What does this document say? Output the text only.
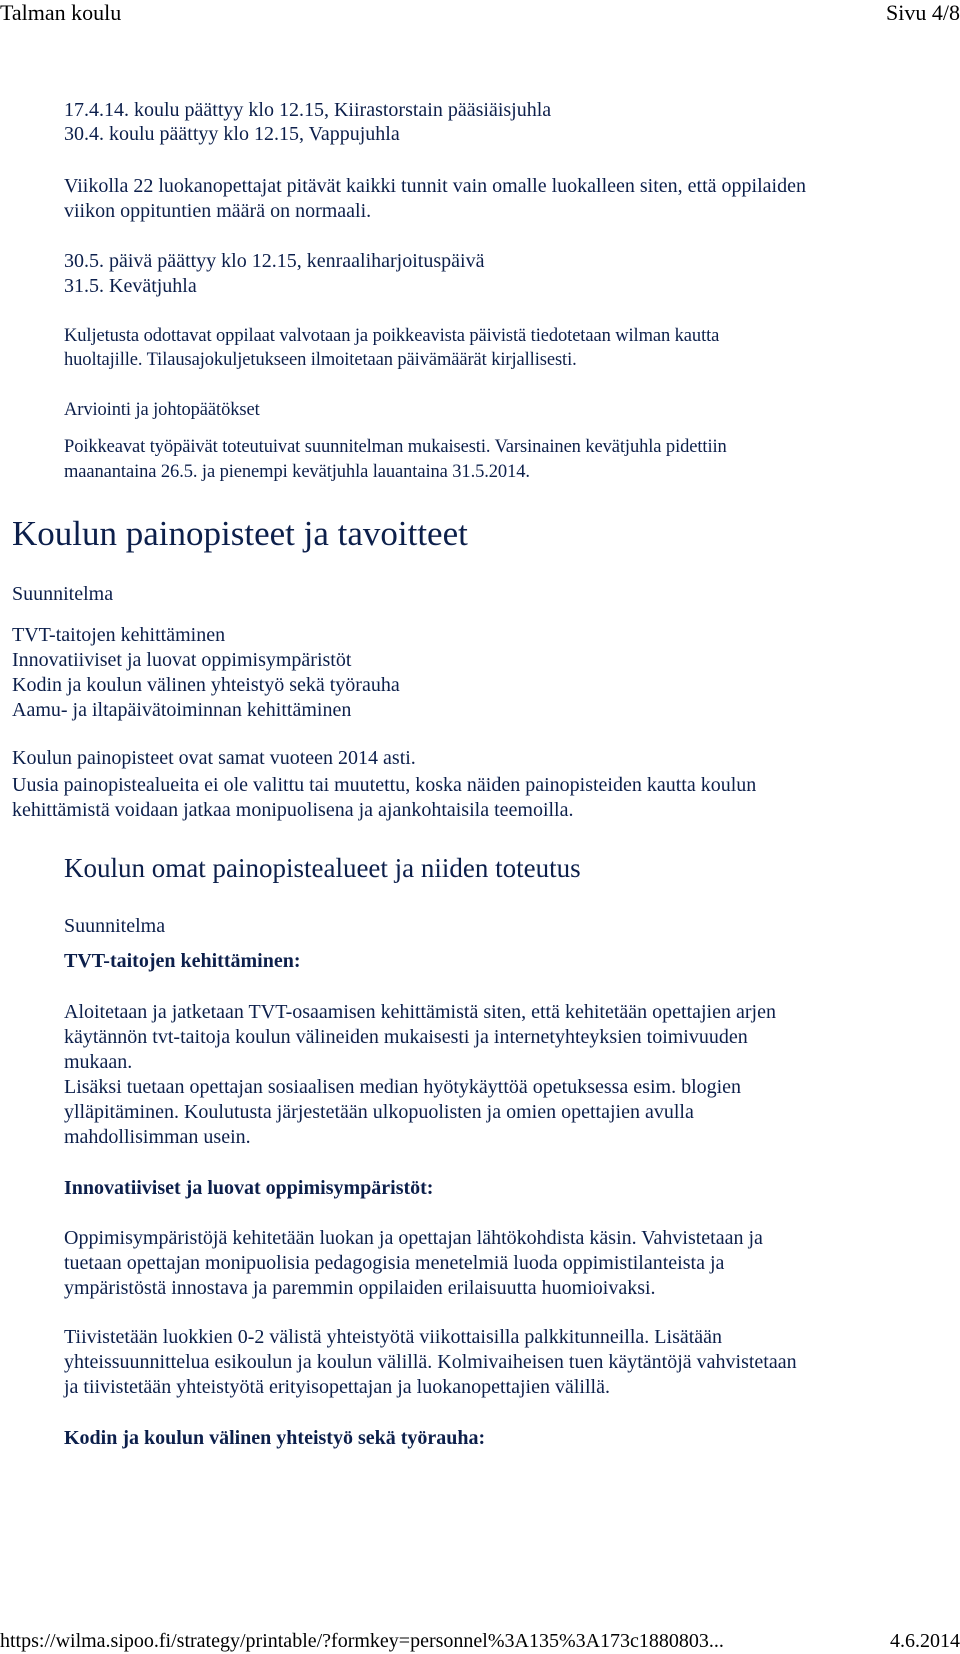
Talman koulu	Sivu 4/8
17.4.14. koulu päättyy klo 12.15, Kiirastorstain pääsiäisjuhla
30.4. koulu päättyy klo 12.15, Vappujuhla
Viikolla 22 luokanopettajat pitävät kaikki tunnit vain omalle luokalleen siten, että oppilaiden
viikon oppituntien määrä on normaali.
30.5. päivä päättyy klo 12.15, kenraaliharjoituspäivä
31.5. Kevätjuhla
Kuljetusta odottavat oppilaat valvotaan ja poikkeavista päivistä tiedotetaan wilman kautta
huoltajille. Tilausajokuljetukseen ilmoitetaan päivämäärät kirjallisesti.
Arviointi ja johtopäätökset
Poikkeavat työpäivät toteutuivat suunnitelman mukaisesti. Varsinainen kevätjuhla pidettiin
maanantaina 26.5. ja pienempi kevätjuhla lauantaina 31.5.2014.
Koulun painopisteet ja tavoitteet
Suunnitelma
TVT-taitojen kehittäminen
Innovatiiviset ja luovat oppimisympäristöt
Kodin ja koulun välinen yhteistyö sekä työrauha
Aamu- ja iltapäivätoiminnan kehittäminen
Koulun painopisteet ovat samat vuoteen 2014 asti.
Uusia painopistealueita ei ole valittu tai muutettu, koska näiden painopisteiden kautta koulun
kehittämistä voidaan jatkaa monipuolisena ja ajankohtaisila teemoilla.
Koulun omat painopistealueet ja niiden toteutus
Suunnitelma
TVT-taitojen kehittäminen:
Aloitetaan ja jatketaan TVT-osaamisen kehittämistä siten, että kehitetään opettajien arjen
käytännön tvt-taitoja koulun välineiden mukaisesti ja internetyhteyksien toimivuuden
mukaan.
Lisäksi tuetaan opettajan sosiaalisen median hyötykäyttöä opetuksessa esim. blogien
ylläpitäminen. Koulutusta järjestetään ulkopuolisten ja omien opettajien avulla
mahdollisimman usein.
Innovatiiviset ja luovat oppimisympäristöt:
Oppimisympäristöjä kehitetään luokan ja opettajan lähtökohdista käsin. Vahvistetaan ja
tuetaan opettajan monipuolisia pedagogisia menetelmiä luoda oppimistilanteista ja
ympäristöstä innostava ja paremmin oppilaiden erilaisuutta huomioivaksi.
Tiivistetään luokkien 0-2 välistä yhteistyötä viikottaisilla palkkitunneilla. Lisätään
yhteissuunnittelua esikoulun ja koulun välillä. Kolmivaiheisen tuen käytäntöjä vahvistetaan
ja tiivistetään yhteistyötä erityisopettajan ja luokanopettajien välillä.
Kodin ja koulun välinen yhteistyö sekä työrauha:
https://wilma.sipoo.fi/strategy/printable/?formkey=personnel%3A135%3A173c1880803...	4.6.2014
